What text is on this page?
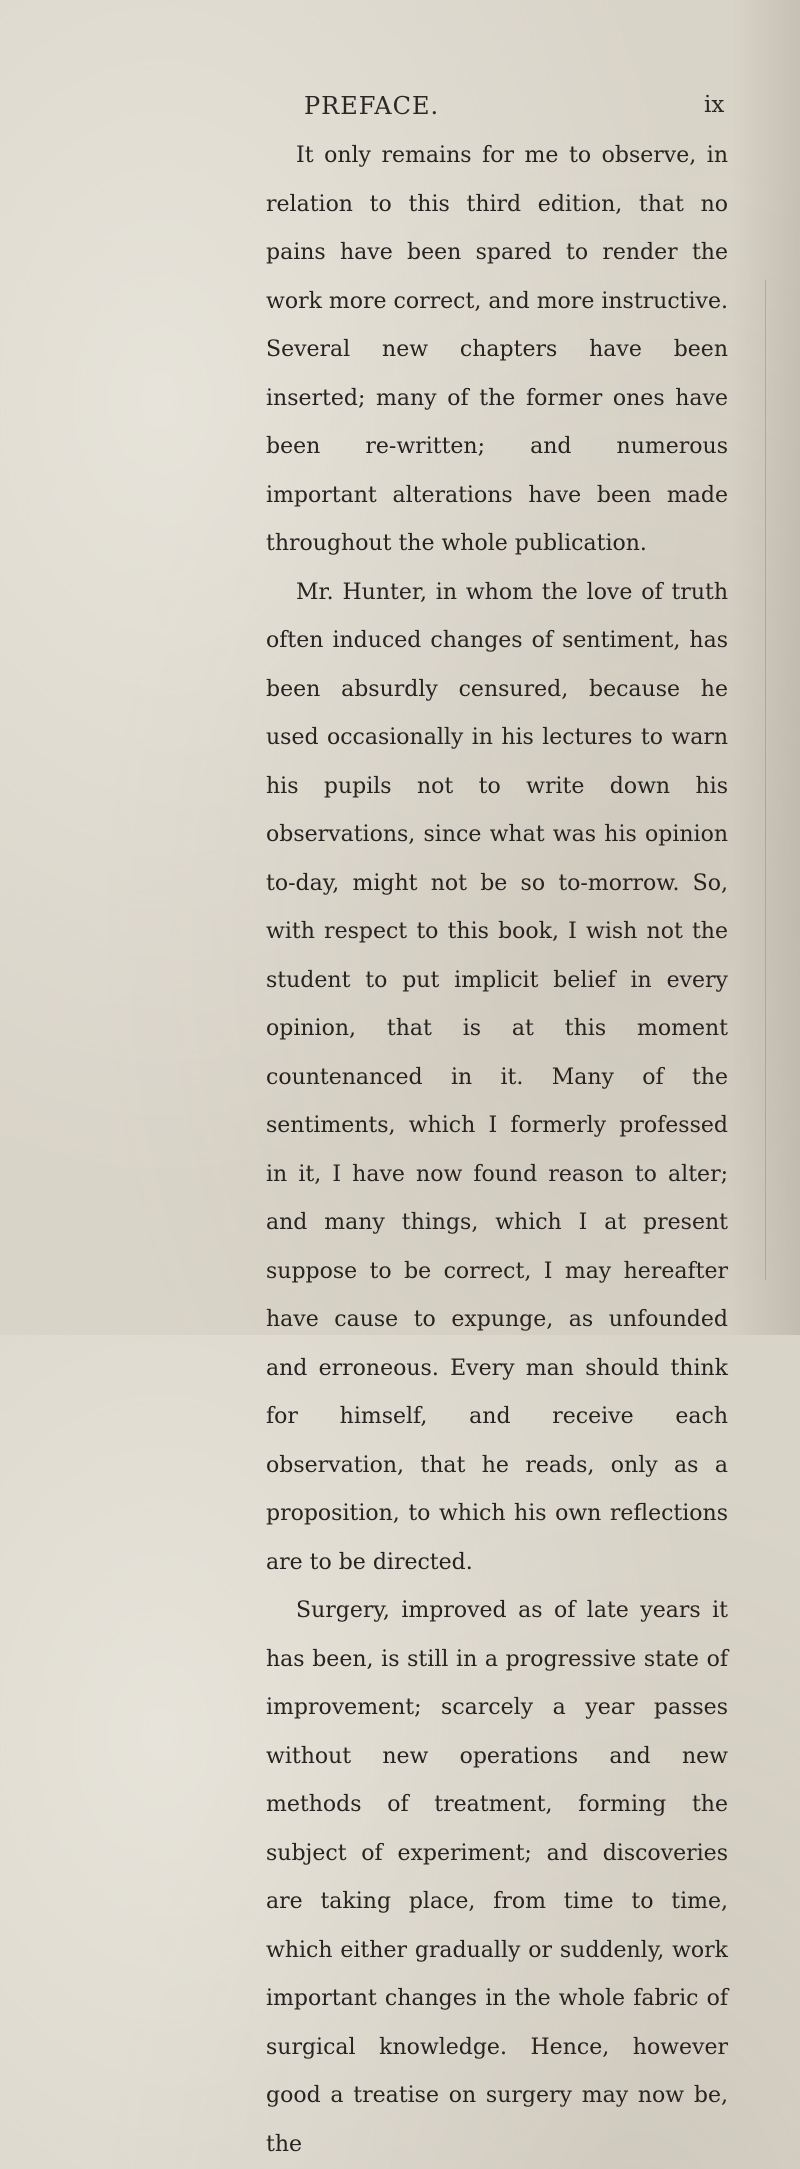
PREFACE.	ix

It only remains for me to observe, in relation to this third edition, that no pains have been spared to render the work more correct, and more instructive. Several new chapters have been inserted; many of the former ones have been re-written; and numerous important alterations have been made throughout the whole publication.

Mr. Hunter, in whom the love of truth often induced changes of sentiment, has been absurdly censured, because he used occasionally in his lectures to warn his pupils not to write down his observations, since what was his opinion to-day, might not be so to-morrow. So, with respect to this book, I wish not the student to put implicit belief in every opinion, that is at this moment countenanced in it. Many of the sentiments, which I formerly professed in it, I have now found reason to alter; and many things, which I at present suppose to be correct, I may hereafter have cause to expunge, as unfounded and erroneous. Every man should think for himself, and receive each observation, that he reads, only as a proposition, to which his own reflections are to be directed.

Surgery, improved as of late years it has been, is still in a progressive state of improvement; scarcely a year passes without new operations and new methods of treatment, forming the subject of experiment; and discoveries are taking place, from time to time, which either gradually or suddenly, work important changes in the whole fabric of surgical knowledge. Hence, however good a treatise on surgery may now be, the
